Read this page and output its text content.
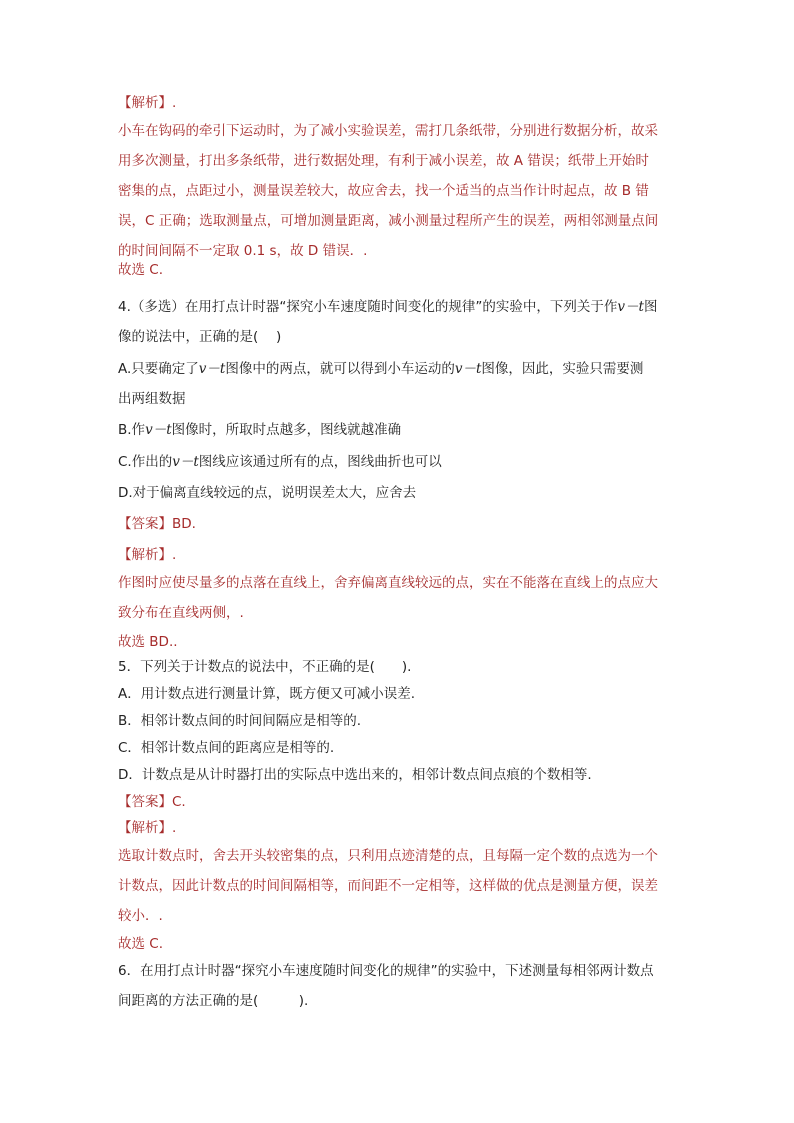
【解析】.
小车在钩码的牵引下运动时，为了减小实验误差，需打几条纸带，分别进行数据分析，故采
用多次测量，打出多条纸带，进行数据处理，有利于减小误差，故 A 错误；纸带上开始时
密集的点，点距过小，测量误差较大，故应舍去，找一个适当的点当作计时起点，故 B 错
误，C 正确；选取测量点，可增加测量距离，减小测量过程所产生的误差，两相邻测量点间
的时间间隔不一定取 0.1 s，故 D 错误．.
故选 C.
4.（多选）在用打点计时器“探究小车速度随时间变化的规律”的实验中，下列关于作v－t图
像的说法中，正确的是(　 )
A.只要确定了v－t图像中的两点，就可以得到小车运动的v－t图像，因此，实验只需要测
出两组数据
B.作v－t图像时，所取时点越多，图线就越准确
C.作出的v－t图线应该通过所有的点，图线曲折也可以
D.对于偏离直线较远的点，说明误差太大，应舍去
【答案】BD.
【解析】.
作图时应使尽量多的点落在直线上，舍弃偏离直线较远的点，实在不能落在直线上的点应大
致分布在直线两侧，.
故选 BD..
5．下列关于计数点的说法中，不正确的是(　　).
A．用计数点进行测量计算，既方便又可减小误差.
B．相邻计数点间的时间间隔应是相等的.
C．相邻计数点间的距离应是相等的.
D．计数点是从计时器打出的实际点中选出来的，相邻计数点间点痕的个数相等.
【答案】C.
【解析】.
选取计数点时，舍去开头较密集的点，只利用点迹清楚的点，且每隔一定个数的点选为一个
计数点，因此计数点的时间间隔相等，而间距不一定相等，这样做的优点是测量方便，误差
较小．.
故选 C.
6．在用打点计时器“探究小车速度随时间变化的规律”的实验中，下述测量每相邻两计数点
间距离的方法正确的是(　　　).
